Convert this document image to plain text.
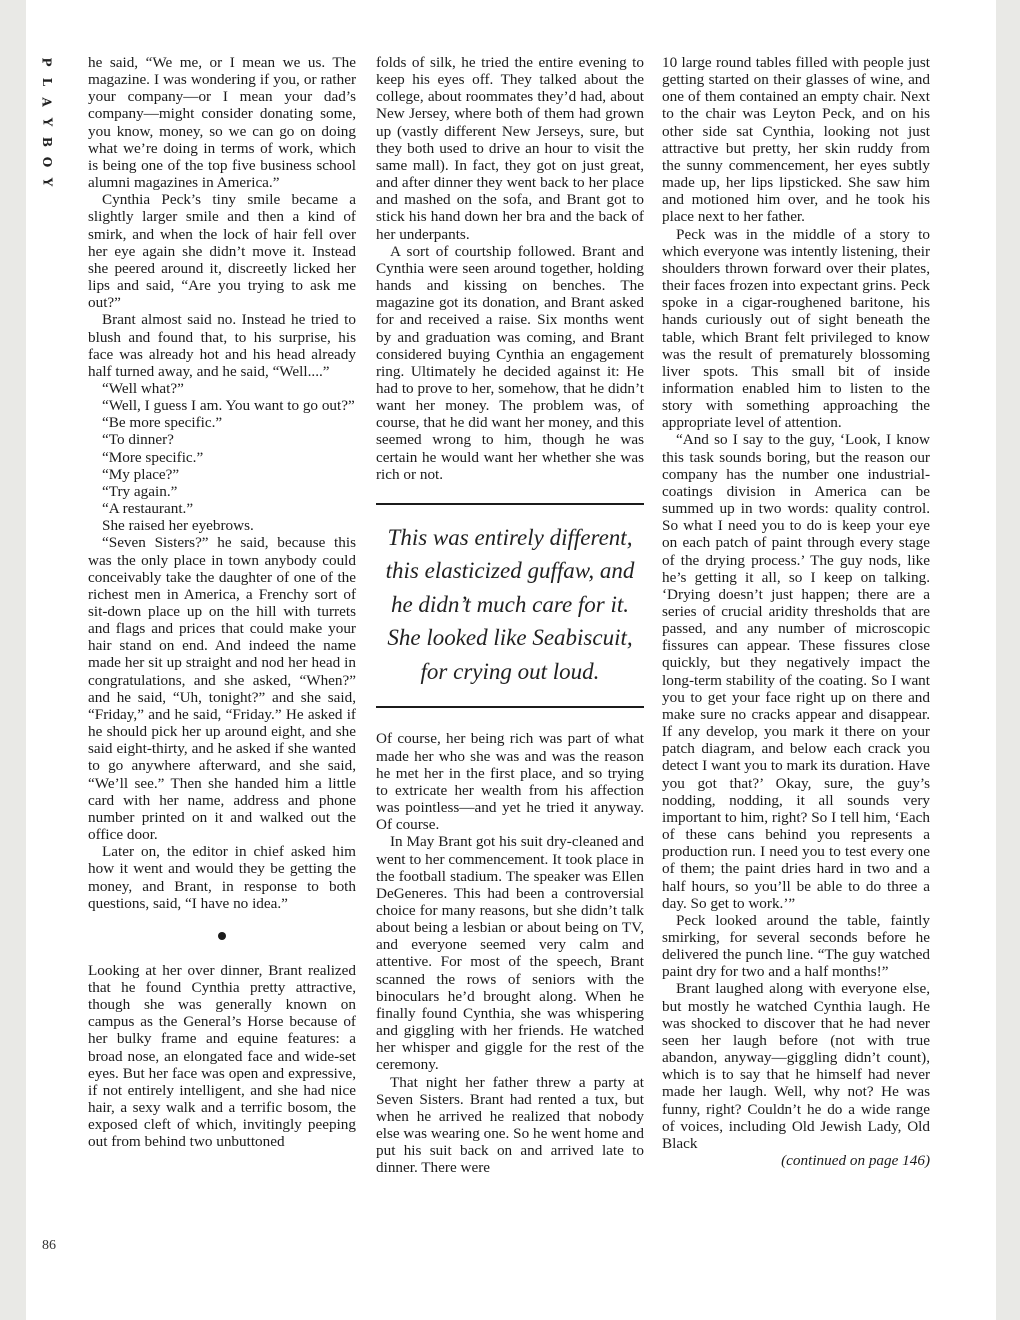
P
L
A
Y
B
O
Y
86

he said, “We me, or I mean we us. The magazine. I was wondering if you, or rather your company—or I mean your dad’s company—might consider donating some, you know, money, so we can go on doing what we’re doing in terms of work, which is being one of the top five business school alumni magazines in America.”

Cynthia Peck’s tiny smile became a slightly larger smile and then a kind of smirk, and when the lock of hair fell over her eye again she didn’t move it. Instead she peered around it, discreetly licked her lips and said, “Are you trying to ask me out?”

Brant almost said no. Instead he tried to blush and found that, to his surprise, his face was already hot and his head already half turned away, and he said, “Well....”

“Well what?”

“Well, I guess I am. You want to go out?”

“Be more specific.”

“To dinner?

“More specific.”

“My place?”

“Try again.”

“A restaurant.”

She raised her eyebrows.

“Seven Sisters?” he said, because this was the only place in town anybody could conceivably take the daughter of one of the richest men in America, a Frenchy sort of sit-down place up on the hill with turrets and flags and prices that could make your hair stand on end. And indeed the name made her sit up straight and nod her head in congratulations, and she asked, “When?” and he said, “Uh, tonight?” and she said, “Friday,” and he said, “Friday.” He asked if he should pick her up around eight, and she said eight-thirty, and he asked if she wanted to go anywhere afterward, and she said, “We’ll see.” Then she handed him a little card with her name, address and phone number printed on it and walked out the office door.

Later on, the editor in chief asked him how it went and would they be getting the money, and Brant, in response to both questions, said, “I have no idea.”

Looking at her over dinner, Brant realized that he found Cynthia pretty attractive, though she was generally known on campus as the General’s Horse because of her bulky frame and equine features: a broad nose, an elongated face and wide-set eyes. But her face was open and expressive, if not entirely intelligent, and she had nice hair, a sexy walk and a terrific bosom, the exposed cleft of which, invitingly peeping out from behind two unbuttoned

folds of silk, he tried the entire evening to keep his eyes off. They talked about the college, about roommates they’d had, about New Jersey, where both of them had grown up (vastly different New Jerseys, sure, but they both used to drive an hour to visit the same mall). In fact, they got on just great, and after dinner they went back to her place and mashed on the sofa, and Brant got to stick his hand down her bra and the back of her underpants.

A sort of courtship followed. Brant and Cynthia were seen around together, holding hands and kissing on benches. The magazine got its donation, and Brant asked for and received a raise. Six months went by and graduation was coming, and Brant considered buying Cynthia an engagement ring. Ultimately he decided against it: He had to prove to her, somehow, that he didn’t want her money. The problem was, of course, that he did want her money, and this seemed wrong to him, though he was certain he would want her whether she was rich or not.

This was entirely different, this elasticized guffaw, and he didn’t much care for it. She looked like Seabiscuit, for crying out loud.

Of course, her being rich was part of what made her who she was and was the reason he met her in the first place, and so trying to extricate her wealth from his affection was pointless—and yet he tried it anyway. Of course.

In May Brant got his suit dry-cleaned and went to her commencement. It took place in the football stadium. The speaker was Ellen DeGeneres. This had been a controversial choice for many reasons, but she didn’t talk about being a lesbian or about being on TV, and everyone seemed very calm and attentive. For most of the speech, Brant scanned the rows of seniors with the binoculars he’d brought along. When he finally found Cynthia, she was whispering and giggling with her friends. He watched her whisper and giggle for the rest of the ceremony.

That night her father threw a party at Seven Sisters. Brant had rented a tux, but when he arrived he realized that nobody else was wearing one. So he went home and put his suit back on and arrived late to dinner. There were

10 large round tables filled with people just getting started on their glasses of wine, and one of them contained an empty chair. Next to the chair was Leyton Peck, and on his other side sat Cynthia, looking not just attractive but pretty, her skin ruddy from the sunny commencement, her eyes subtly made up, her lips lipsticked. She saw him and motioned him over, and he took his place next to her father.

Peck was in the middle of a story to which everyone was intently listening, their shoulders thrown forward over their plates, their faces frozen into expectant grins. Peck spoke in a cigar-roughened baritone, his hands curiously out of sight beneath the table, which Brant felt privileged to know was the result of prematurely blossoming liver spots. This small bit of inside information enabled him to listen to the story with something approaching the appropriate level of attention.

“And so I say to the guy, ‘Look, I know this task sounds boring, but the reason our company has the number one industrial-coatings division in America can be summed up in two words: quality control. So what I need you to do is keep your eye on each patch of paint through every stage of the drying process.’ The guy nods, like he’s getting it all, so I keep on talking. ‘Drying doesn’t just happen; there are a series of crucial aridity thresholds that are passed, and any number of microscopic fissures can appear. These fissures close quickly, but they negatively impact the long-term stability of the coating. So I want you to get your face right up on there and make sure no cracks appear and disappear. If any develop, you mark it there on your patch diagram, and below each crack you detect I want you to mark its duration. Have you got that?’ Okay, sure, the guy’s nodding, nodding, it all sounds very important to him, right? So I tell him, ‘Each of these cans behind you represents a production run. I need you to test every one of them; the paint dries hard in two and a half hours, so you’ll be able to do three a day. So get to work.’”

Peck looked around the table, faintly smirking, for several seconds before he delivered the punch line. “The guy watched paint dry for two and a half months!”

Brant laughed along with everyone else, but mostly he watched Cynthia laugh. He was shocked to discover that he had never seen her laugh before (not with true abandon, anyway—giggling didn’t count), which is to say that he himself had never made her laugh. Well, why not? He was funny, right? Couldn’t he do a wide range of voices, including Old Jewish Lady, Old Black

(continued on page 146)
